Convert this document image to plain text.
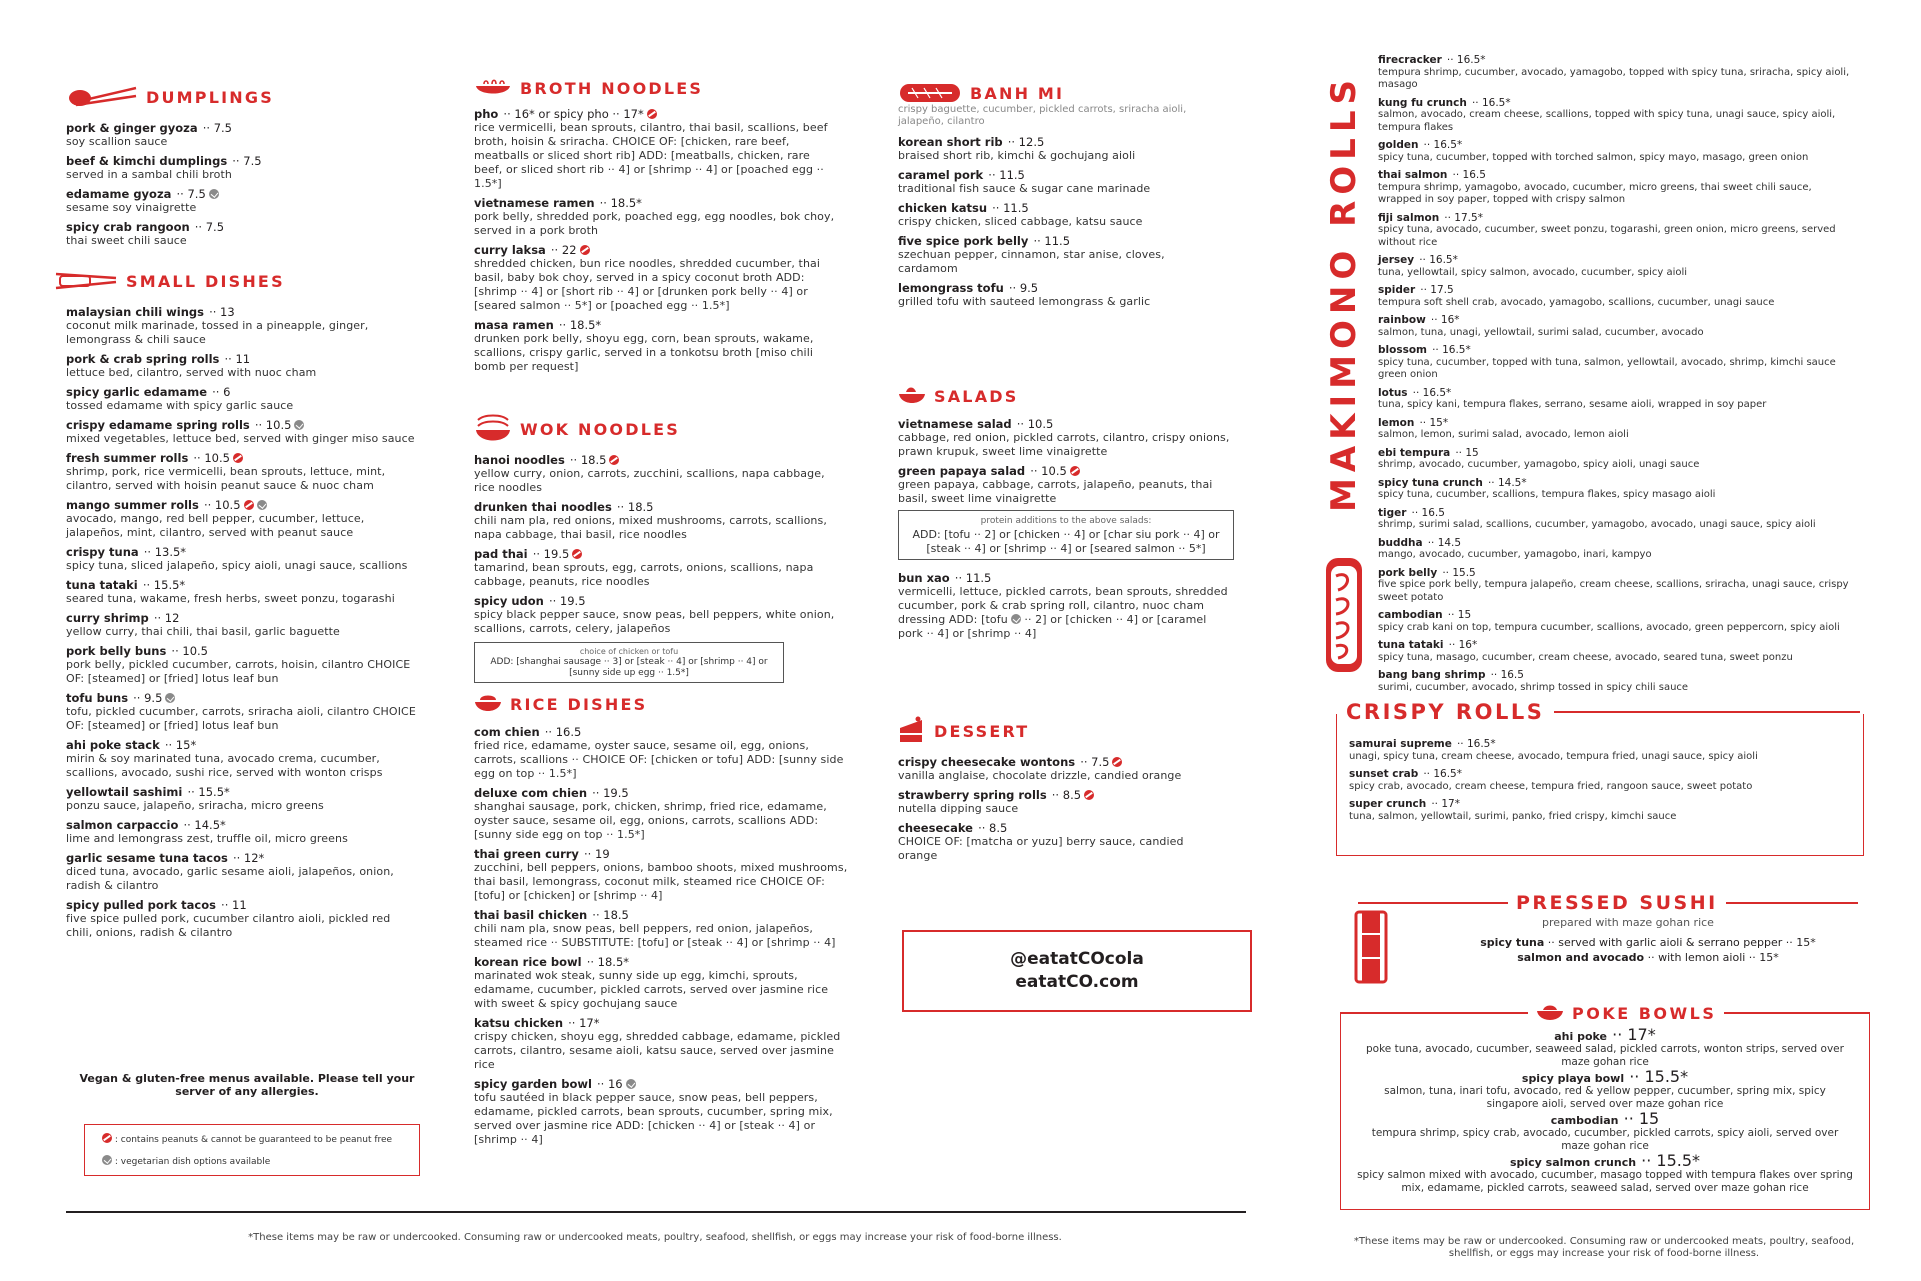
DUMPLINGS
pork & ginger gyoza ·· 7.5
soy scallion sauce
beef & kimchi dumplings ·· 7.5
served in a sambal chili broth
edamame gyoza ·· 7.5
sesame soy vinaigrette
spicy crab rangoon ·· 7.5
thai sweet chili sauce
SMALL DISHES
malaysian chili wings ·· 13
coconut milk marinade, tossed in a pineapple, ginger, lemongrass & chili sauce
pork & crab spring rolls ·· 11
lettuce bed, cilantro, served with nuoc cham
spicy garlic edamame ·· 6
tossed edamame with spicy garlic sauce
crispy edamame spring rolls ·· 10.5
mixed vegetables, lettuce bed, served with ginger miso sauce
fresh summer rolls ·· 10.5
shrimp, pork, rice vermicelli, bean sprouts, lettuce, mint, cilantro, served with hoisin peanut sauce & nuoc cham
mango summer rolls ·· 10.5
avocado, mango, red bell pepper, cucumber, lettuce, jalapeños, mint, cilantro, served with peanut sauce
crispy tuna ·· 13.5*
spicy tuna, sliced jalapeño, spicy aioli, unagi sauce, scallions
tuna tataki ·· 15.5*
seared tuna, wakame, fresh herbs, sweet ponzu, togarashi
curry shrimp ·· 12
yellow curry, thai chili, thai basil, garlic baguette
pork belly buns ·· 10.5
pork belly, pickled cucumber, carrots, hoisin, cilantro CHOICE OF: [steamed] or [fried] lotus leaf bun
tofu buns ·· 9.5
tofu, pickled cucumber, carrots, sriracha aioli, cilantro CHOICE OF: [steamed] or [fried] lotus leaf bun
ahi poke stack ·· 15*
mirin & soy marinated tuna, avocado crema, cucumber, scallions, avocado, sushi rice, served with wonton crisps
yellowtail sashimi ·· 15.5*
ponzu sauce, jalapeño, sriracha, micro greens
salmon carpaccio ·· 14.5*
lime and lemongrass zest, truffle oil, micro greens
garlic sesame tuna tacos ·· 12*
diced tuna, avocado, garlic sesame aioli, jalapeños, onion, radish & cilantro
spicy pulled pork tacos ·· 11
five spice pulled pork, cucumber cilantro aioli, pickled red chili, onions, radish & cilantro
Vegan & gluten-free menus available. Please tell your server of any allergies.
: contains peanuts & cannot be guaranteed to be peanut free
: vegetarian dish options available
BROTH NOODLES
pho ·· 16* or spicy pho ·· 17*
rice vermicelli, bean sprouts, cilantro, thai basil, scallions, beef broth, hoisin & sriracha. CHOICE OF: [chicken, rare beef, meatballs or sliced short rib] ADD: [meatballs, chicken, rare beef, or sliced short rib ·· 4] or [shrimp ·· 4] or [poached egg ·· 1.5*]
vietnamese ramen ·· 18.5*
pork belly, shredded pork, poached egg, egg noodles, bok choy, served in a pork broth
curry laksa ·· 22
shredded chicken, bun rice noodles, shredded cucumber, thai basil, baby bok choy, served in a spicy coconut broth ADD: [shrimp ·· 4] or [short rib ·· 4] or [drunken pork belly ·· 4] or [seared salmon ·· 5*] or [poached egg ·· 1.5*]
masa ramen ·· 18.5*
drunken pork belly, shoyu egg, corn, bean sprouts, wakame, scallions, crispy garlic, served in a tonkotsu broth [miso chili bomb per request]
WOK NOODLES
hanoi noodles ·· 18.5
yellow curry, onion, carrots, zucchini, scallions, napa cabbage, rice noodles
drunken thai noodles ·· 18.5
chili nam pla, red onions, mixed mushrooms, carrots, scallions, napa cabbage, thai basil, rice noodles
pad thai ·· 19.5
tamarind, bean sprouts, egg, carrots, onions, scallions, napa cabbage, peanuts, rice noodles
spicy udon ·· 19.5
spicy black pepper sauce, snow peas, bell peppers, white onion, scallions, carrots, celery, jalapeños
choice of chicken or tofu
ADD: [shanghai sausage ·· 3] or [steak ·· 4] or [shrimp ·· 4] or [sunny side up egg ·· 1.5*]
RICE DISHES
com chien ·· 16.5
fried rice, edamame, oyster sauce, sesame oil, egg, onions, carrots, scallions ·· CHOICE OF: [chicken or tofu] ADD: [sunny side egg on top ·· 1.5*]
deluxe com chien ·· 19.5
shanghai sausage, pork, chicken, shrimp, fried rice, edamame, oyster sauce, sesame oil, egg, onions, carrots, scallions ADD: [sunny side egg on top ·· 1.5*]
thai green curry ·· 19
zucchini, bell peppers, onions, bamboo shoots, mixed mushrooms, thai basil, lemongrass, coconut milk, steamed rice CHOICE OF: [tofu] or [chicken] or [shrimp ·· 4]
thai basil chicken ·· 18.5
chili nam pla, snow peas, bell peppers, red onion, jalapeños, steamed rice ·· SUBSTITUTE: [tofu] or [steak ·· 4] or [shrimp ·· 4]
korean rice bowl ·· 18.5*
marinated wok steak, sunny side up egg, kimchi, sprouts, edamame, cucumber, pickled carrots, served over jasmine rice with sweet & spicy gochujang sauce
katsu chicken ·· 17*
crispy chicken, shoyu egg, shredded cabbage, edamame, pickled carrots, cilantro, sesame aioli, katsu sauce, served over jasmine rice
spicy garden bowl ·· 16
tofu sautéed in black pepper sauce, snow peas, bell peppers, edamame, pickled carrots, bean sprouts, cucumber, spring mix, served over jasmine rice ADD: [chicken ·· 4] or [steak ·· 4] or [shrimp ·· 4]
BANH MI
crispy baguette, cucumber, pickled carrots, sriracha aioli, jalapeño, cilantro
korean short rib ·· 12.5
braised short rib, kimchi & gochujang aioli
caramel pork ·· 11.5
traditional fish sauce & sugar cane marinade
chicken katsu ·· 11.5
crispy chicken, sliced cabbage, katsu sauce
five spice pork belly ·· 11.5
szechuan pepper, cinnamon, star anise, cloves, cardamom
lemongrass tofu ·· 9.5
grilled tofu with sauteed lemongrass & garlic
SALADS
vietnamese salad ·· 10.5
cabbage, red onion, pickled carrots, cilantro, crispy onions, prawn krupuk, sweet lime vinaigrette
green papaya salad ·· 10.5
green papaya, cabbage, carrots, jalapeño, peanuts, thai basil, sweet lime vinaigrette
protein additions to the above salads:
ADD: [tofu ·· 2] or [chicken ·· 4] or [char siu pork ·· 4] or [steak ·· 4] or [shrimp ·· 4] or [seared salmon ·· 5*]
bun xao ·· 11.5
vermicelli, lettuce, pickled carrots, bean sprouts, shredded cucumber, pork & crab spring roll, cilantro, nuoc cham dressing ADD: [tofu ·· 2] or [chicken ·· 4] or [caramel pork ·· 4] or [shrimp ·· 4]
DESSERT
crispy cheesecake wontons ·· 7.5
vanilla anglaise, chocolate drizzle, candied orange
strawberry spring rolls ·· 8.5
nutella dipping sauce
cheesecake ·· 8.5
CHOICE OF: [matcha or yuzu] berry sauce, candied orange
@eatatCOcola
eatatCO.com
*These items may be raw or undercooked. Consuming raw or undercooked meats, poultry, seafood, shellfish, or eggs may increase your risk of food-borne illness.
MAKIMONO ROLLS
firecracker ·· 16.5*
tempura shrimp, cucumber, avocado, yamagobo, topped with spicy tuna, sriracha, spicy aioli, masago
kung fu crunch ·· 16.5*
salmon, avocado, cream cheese, scallions, topped with spicy tuna, unagi sauce, spicy aioli, tempura flakes
golden ·· 16.5*
spicy tuna, cucumber, topped with torched salmon, spicy mayo, masago, green onion
thai salmon ·· 16.5
tempura shrimp, yamagobo, avocado, cucumber, micro greens, thai sweet chili sauce, wrapped in soy paper, topped with crispy salmon
fiji salmon ·· 17.5*
spicy tuna, avocado, cucumber, sweet ponzu, togarashi, green onion, micro greens, served without rice
jersey ·· 16.5*
tuna, yellowtail, spicy salmon, avocado, cucumber, spicy aioli
spider ·· 17.5
tempura soft shell crab, avocado, yamagobo, scallions, cucumber, unagi sauce
rainbow ·· 16*
salmon, tuna, unagi, yellowtail, surimi salad, cucumber, avocado
blossom ·· 16.5*
spicy tuna, cucumber, topped with tuna, salmon, yellowtail, avocado, shrimp, kimchi sauce green onion
lotus ·· 16.5*
tuna, spicy kani, tempura flakes, serrano, sesame aioli, wrapped in soy paper
lemon ·· 15*
salmon, lemon, surimi salad, avocado, lemon aioli
ebi tempura ·· 15
shrimp, avocado, cucumber, yamagobo, spicy aioli, unagi sauce
spicy tuna crunch ·· 14.5*
spicy tuna, cucumber, scallions, tempura flakes, spicy masago aioli
tiger ·· 16.5
shrimp, surimi salad, scallions, cucumber, yamagobo, avocado, unagi sauce, spicy aioli
buddha ·· 14.5
mango, avocado, cucumber, yamagobo, inari, kampyo
pork belly ·· 15.5
five spice pork belly, tempura jalapeño, cream cheese, scallions, sriracha, unagi sauce, crispy sweet potato
cambodian ·· 15
spicy crab kani on top, tempura cucumber, scallions, avocado, green peppercorn, spicy aioli
tuna tataki ·· 16*
spicy tuna, masago, cucumber, cream cheese, avocado, seared tuna, sweet ponzu
bang bang shrimp ·· 16.5
surimi, cucumber, avocado, shrimp tossed in spicy chili sauce
CRISPY ROLLS
samurai supreme ·· 16.5*
unagi, spicy tuna, cream cheese, avocado, tempura fried, unagi sauce, spicy aioli
sunset crab ·· 16.5*
spicy crab, avocado, cream cheese, tempura fried, rangoon sauce, sweet potato
super crunch ·· 17*
tuna, salmon, yellowtail, surimi, panko, fried crispy, kimchi sauce
PRESSED SUSHI
prepared with maze gohan rice
spicy tuna ·· served with garlic aioli & serrano pepper ·· 15*
salmon and avocado ·· with lemon aioli ·· 15*
POKE BOWLS
ahi poke ·· 17*
poke tuna, avocado, cucumber, seaweed salad, pickled carrots, wonton strips, served over maze gohan rice
spicy playa bowl ·· 15.5*
salmon, tuna, inari tofu, avocado, red & yellow pepper, cucumber, spring mix, spicy singapore aioli, served over maze gohan rice
cambodian ·· 15
tempura shrimp, spicy crab, avocado, cucumber, pickled carrots, spicy aioli, served over maze gohan rice
spicy salmon crunch ·· 15.5*
spicy salmon mixed with avocado, cucumber, masago topped with tempura flakes over spring mix, edamame, pickled carrots, seaweed salad, served over maze gohan rice
*These items may be raw or undercooked. Consuming raw or undercooked meats, poultry, seafood, shellfish, or eggs may increase your risk of food-borne illness.
